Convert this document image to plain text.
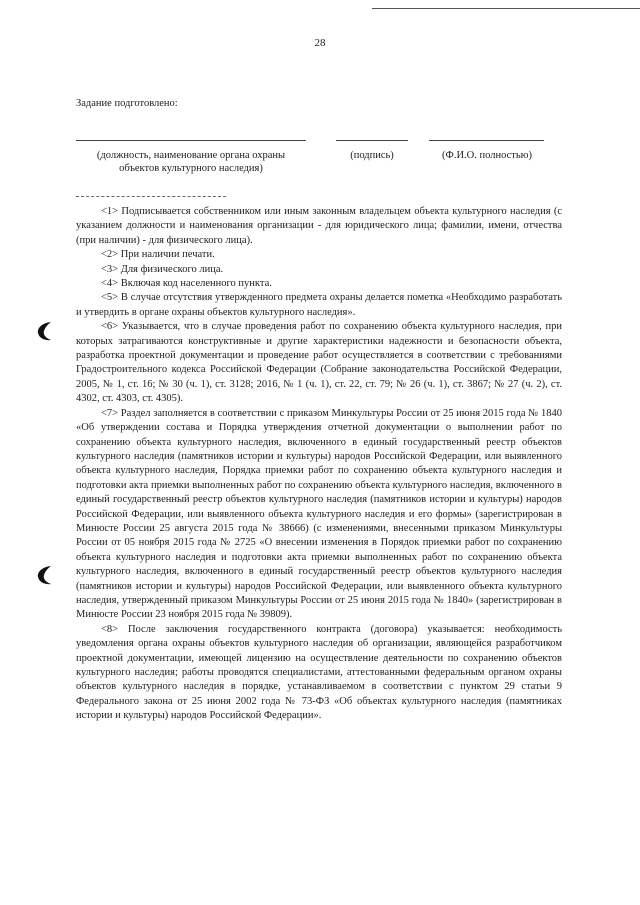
28
Задание подготовлено:
(должность, наименование органа охраны
объектов культурного наследия)
(подпись)	(Ф.И.О. полностью)

<1> Подписывается собственником или иным законным владельцем объекта культурного наследия (с указанием должности и наименования организации - для юридического лица; фамилии, имени, отчества (при наличии) - для физического лица).

<2> При наличии печати.

<3> Для физического лица.

<4> Включая код населенного пункта.

<5> В случае отсутствия утвержденного предмета охраны делается пометка «Необходимо разработать и утвердить в органе охраны объектов культурного наследия».

<6> Указывается, что в случае проведения работ по сохранению объекта культурного наследия, при которых затрагиваются конструктивные и другие характеристики надежности и безопасности объекта, разработка проектной документации и проведение работ осуществляется в соответствии с требованиями Градостроительного кодекса Российской Федерации (Собрание законодательства Российской Федерации, 2005, № 1, ст. 16; № 30 (ч. 1), ст. 3128; 2016, № 1 (ч. 1), ст. 22, ст. 79; № 26 (ч. 1), ст. 3867; № 27 (ч. 2), ст. 4302, ст. 4303, ст. 4305).

<7> Раздел заполняется в соответствии с приказом Минкультуры России от 25 июня 2015 года № 1840 «Об утверждении состава и Порядка утверждения отчетной документации о выполнении работ по сохранению объекта культурного наследия, включенного в единый государственный реестр объектов культурного наследия (памятников истории и культуры) народов Российской Федерации, или выявленного объекта культурного наследия, Порядка приемки работ по сохранению объекта культурного наследия и подготовки акта приемки выполненных работ по сохранению объекта культурного наследия, включенного в единый государственный реестр объектов культурного наследия (памятников истории и культуры) народов Российской Федерации, или выявленного объекта культурного наследия и его формы» (зарегистрирован в Минюсте России 25 августа 2015 года № 38666) (с изменениями, внесенными приказом Минкультуры России от 05 ноября 2015 года № 2725 «О внесении изменения в Порядок приемки работ по сохранению объекта культурного наследия и подготовки акта приемки выполненных работ по сохранению объекта культурного наследия, включенного в единый государственный реестр объектов культурного наследия (памятников истории и культуры) народов Российской Федерации, или выявленного объекта культурного наследия, утвержденный приказом Минкультуры России от 25 июня 2015 года № 1840» (зарегистрирован в Минюсте России 23 ноября 2015 года № 39809).

<8> После заключения государственного контракта (договора) указывается: необходимость уведомления органа охраны объектов культурного наследия об организации, являющейся разработчиком проектной документации, имеющей лицензию на осуществление деятельности по сохранению объектов культурного наследия; работы проводятся специалистами, аттестованными федеральным органом охраны объектов культурного наследия в порядке, устанавливаемом в соответствии с пунктом 29 статьи 9 Федерального закона от 25 июня 2002 года № 73-ФЗ «Об объектах культурного наследия (памятниках истории и культуры) народов Российской Федерации».
